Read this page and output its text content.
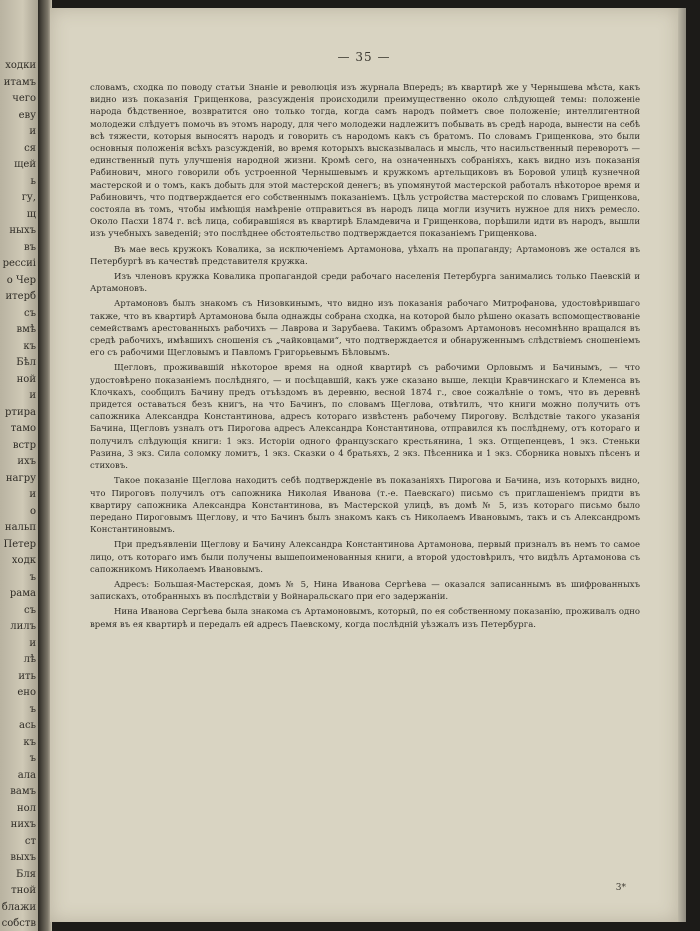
ходки
итамъ
чего
еву
и
ся
щей
ь
гу,
щ
ныхъ
въ
рессиі
о Чер
итерб
съ
вмѣ
къ
Бѣл
ной
и
ртира
тамо
встр
ихъ
нагру
и
о
нальп
Петер
ходк
ъ
рама
съ
лилъ
и
лѣ
ить
ено
ъ
ась
къ
ъ
ала
вамъ
нол
нихъ
ст
выхъ
Бля
тной
блажи
собств
— 35 —

словамъ, сходка по поводу статьи Знаніе и революція изъ журнала Впередъ; въ квартирѣ же у Чернышева мѣста, какъ видно изъ показанія Грищенкова, разсужденія происходили преимущественно около слѣдующей темы: положеніе народа бѣдственное, возвратится оно только тогда, когда самъ народъ пойметъ свое положеніе; интеллигентной молодежи слѣдуетъ помочь въ этомъ народу, для чего молодежи надлежитъ побывать въ средѣ народа, вынести на себѣ всѣ тяжести, которыя выносятъ народъ и говорить съ народомъ какъ съ братомъ. По словамъ Грищенкова, это были основныя положенія всѣхъ разсужденій, во время которыхъ высказывалась и мысль, что насильственный переворотъ — единственный путь улучшенія народной жизни. Кромѣ сего, на означенныхъ собраніяхъ, какъ видно изъ показанія Рабинович, много говорили объ устроенной Чернышевымъ и кружкомъ артельщиковъ въ Боровой улицѣ кузнечной мастерской и о томъ, какъ добыть для этой мастерской денегъ; въ упомянутой мастерской работалъ нѣкоторое время и Рабиновичъ, что подтверждается его собственнымъ показаніемъ. Цѣль устройства мастерской по словамъ Грищенкова, состояла въ томъ, чтобы имѣющія намѣреніе отправиться въ народъ лица могли изучить нужное для нихъ ремесло. Около Пасхи 1874 г. всѣ лица, собиравшіяся въ квартирѣ Бламдевича и Грищенкова, порѣшили идти въ народъ, вышли изъ учебныхъ заведеній; это послѣднее обстоятельство подтверждается показаніемъ Грищенкова.

Въ мае весь кружокъ Ковалика, за исключеніемъ Артамонова, уѣхалъ на пропаганду; Артамоновъ же остался въ Петербургѣ въ качествѣ представителя кружка.

Изъ членовъ кружка Ковалика пропагандой среди рабочаго населенія Петербурга занимались только Паевскій и Артамоновъ.

Артамоновъ былъ знакомъ съ Низовкинымъ, что видно изъ показанія рабочаго Митрофанова, удостовѣрившаго также, что въ квартирѣ Артамонова была однажды собрана сходка, на которой было рѣшено оказать вспомоществованіе семействамъ арестованныхъ рабочихъ — Лаврова и Зарубаева. Такимъ образомъ Артамоновъ несомнѣнно вращался въ средѣ рабочихъ, имѣвшихъ сношенія съ „чайковцами“, что подтверждается и обнаруженнымъ слѣдствіемъ сношеніемъ его съ рабочими Щегловымъ и Павломъ Григорьевымъ Бѣловымъ.

Щегловъ, проживавшій нѣкоторое время на одной квартирѣ съ рабочими Орловымъ и Бачинымъ, — что удостовѣрено показаніемъ послѣдняго, — и посѣщавшій, какъ уже сказано выше, лекціи Кравчинскаго и Клеменса въ Клочкахъ, сообщилъ Бачину предъ отъѣздомъ въ деревню, весной 1874 г., свое сожалѣніе о томъ, что въ деревнѣ придется оставаться безъ книгъ, на что Бачинъ, по словамъ Щеглова, отвѣтилъ, что книги можно получить отъ сапожника Александра Константинова, адресъ котораго извѣстенъ рабочему Пирогову. Вслѣдствіе такого указанія Бачина, Щегловъ узналъ отъ Пирогова адресъ Александра Константинова, отправился къ послѣднему, отъ котораго и получилъ слѣдующія книги: 1 экз. Исторіи одного французскаго крестьянина, 1 экз. Отщепенцевъ, 1 экз. Стеньки Разина, 3 экз. Сила соломку ломитъ, 1 экз. Сказки о 4 братьяхъ, 2 экз. Пѣсенника и 1 экз. Сборника новыхъ пѣсенъ и стиховъ.

Такое показаніе Щеглова находитъ себѣ подтвержденіе въ показаніяхъ Пирогова и Бачина, изъ которыхъ видно, что Пироговъ получилъ отъ сапожника Николая Иванова (т.-е. Паевскаго) письмо съ приглашеніемъ придти въ квартиру сапожника Александра Константинова, въ Мастерской улицѣ, въ домѣ № 5, изъ котораго письмо было передано Пироговымъ Щеглову, и что Бачинъ былъ знакомъ какъ съ Николаемъ Ивановымъ, такъ и съ Александромъ Константиновымъ.

При предъявленіи Щеглову и Бачину Александра Константинова Артамонова, первый призналъ въ немъ то самое лицо, отъ котораго имъ были получены вышепоименованныя книги, а второй удостовѣрилъ, что видѣлъ Артамонова съ сапожникомъ Николаемъ Ивановымъ.

Адресъ: Большая-Мастерская, домъ № 5, Нина Иванова Сергѣева — оказался записаннымъ въ шифрованныхъ запискахъ, отобранныхъ въ послѣдствіи у Войнаральскаго при его задержаніи.

Нина Иванова Сергѣева была знакома съ Артамоновымъ, который, по ея собственному показанію, проживалъ одно время въ ея квартирѣ и передалъ ей адресъ Паевскому, когда послѣдній уѣзжалъ изъ Петербурга.

3*
